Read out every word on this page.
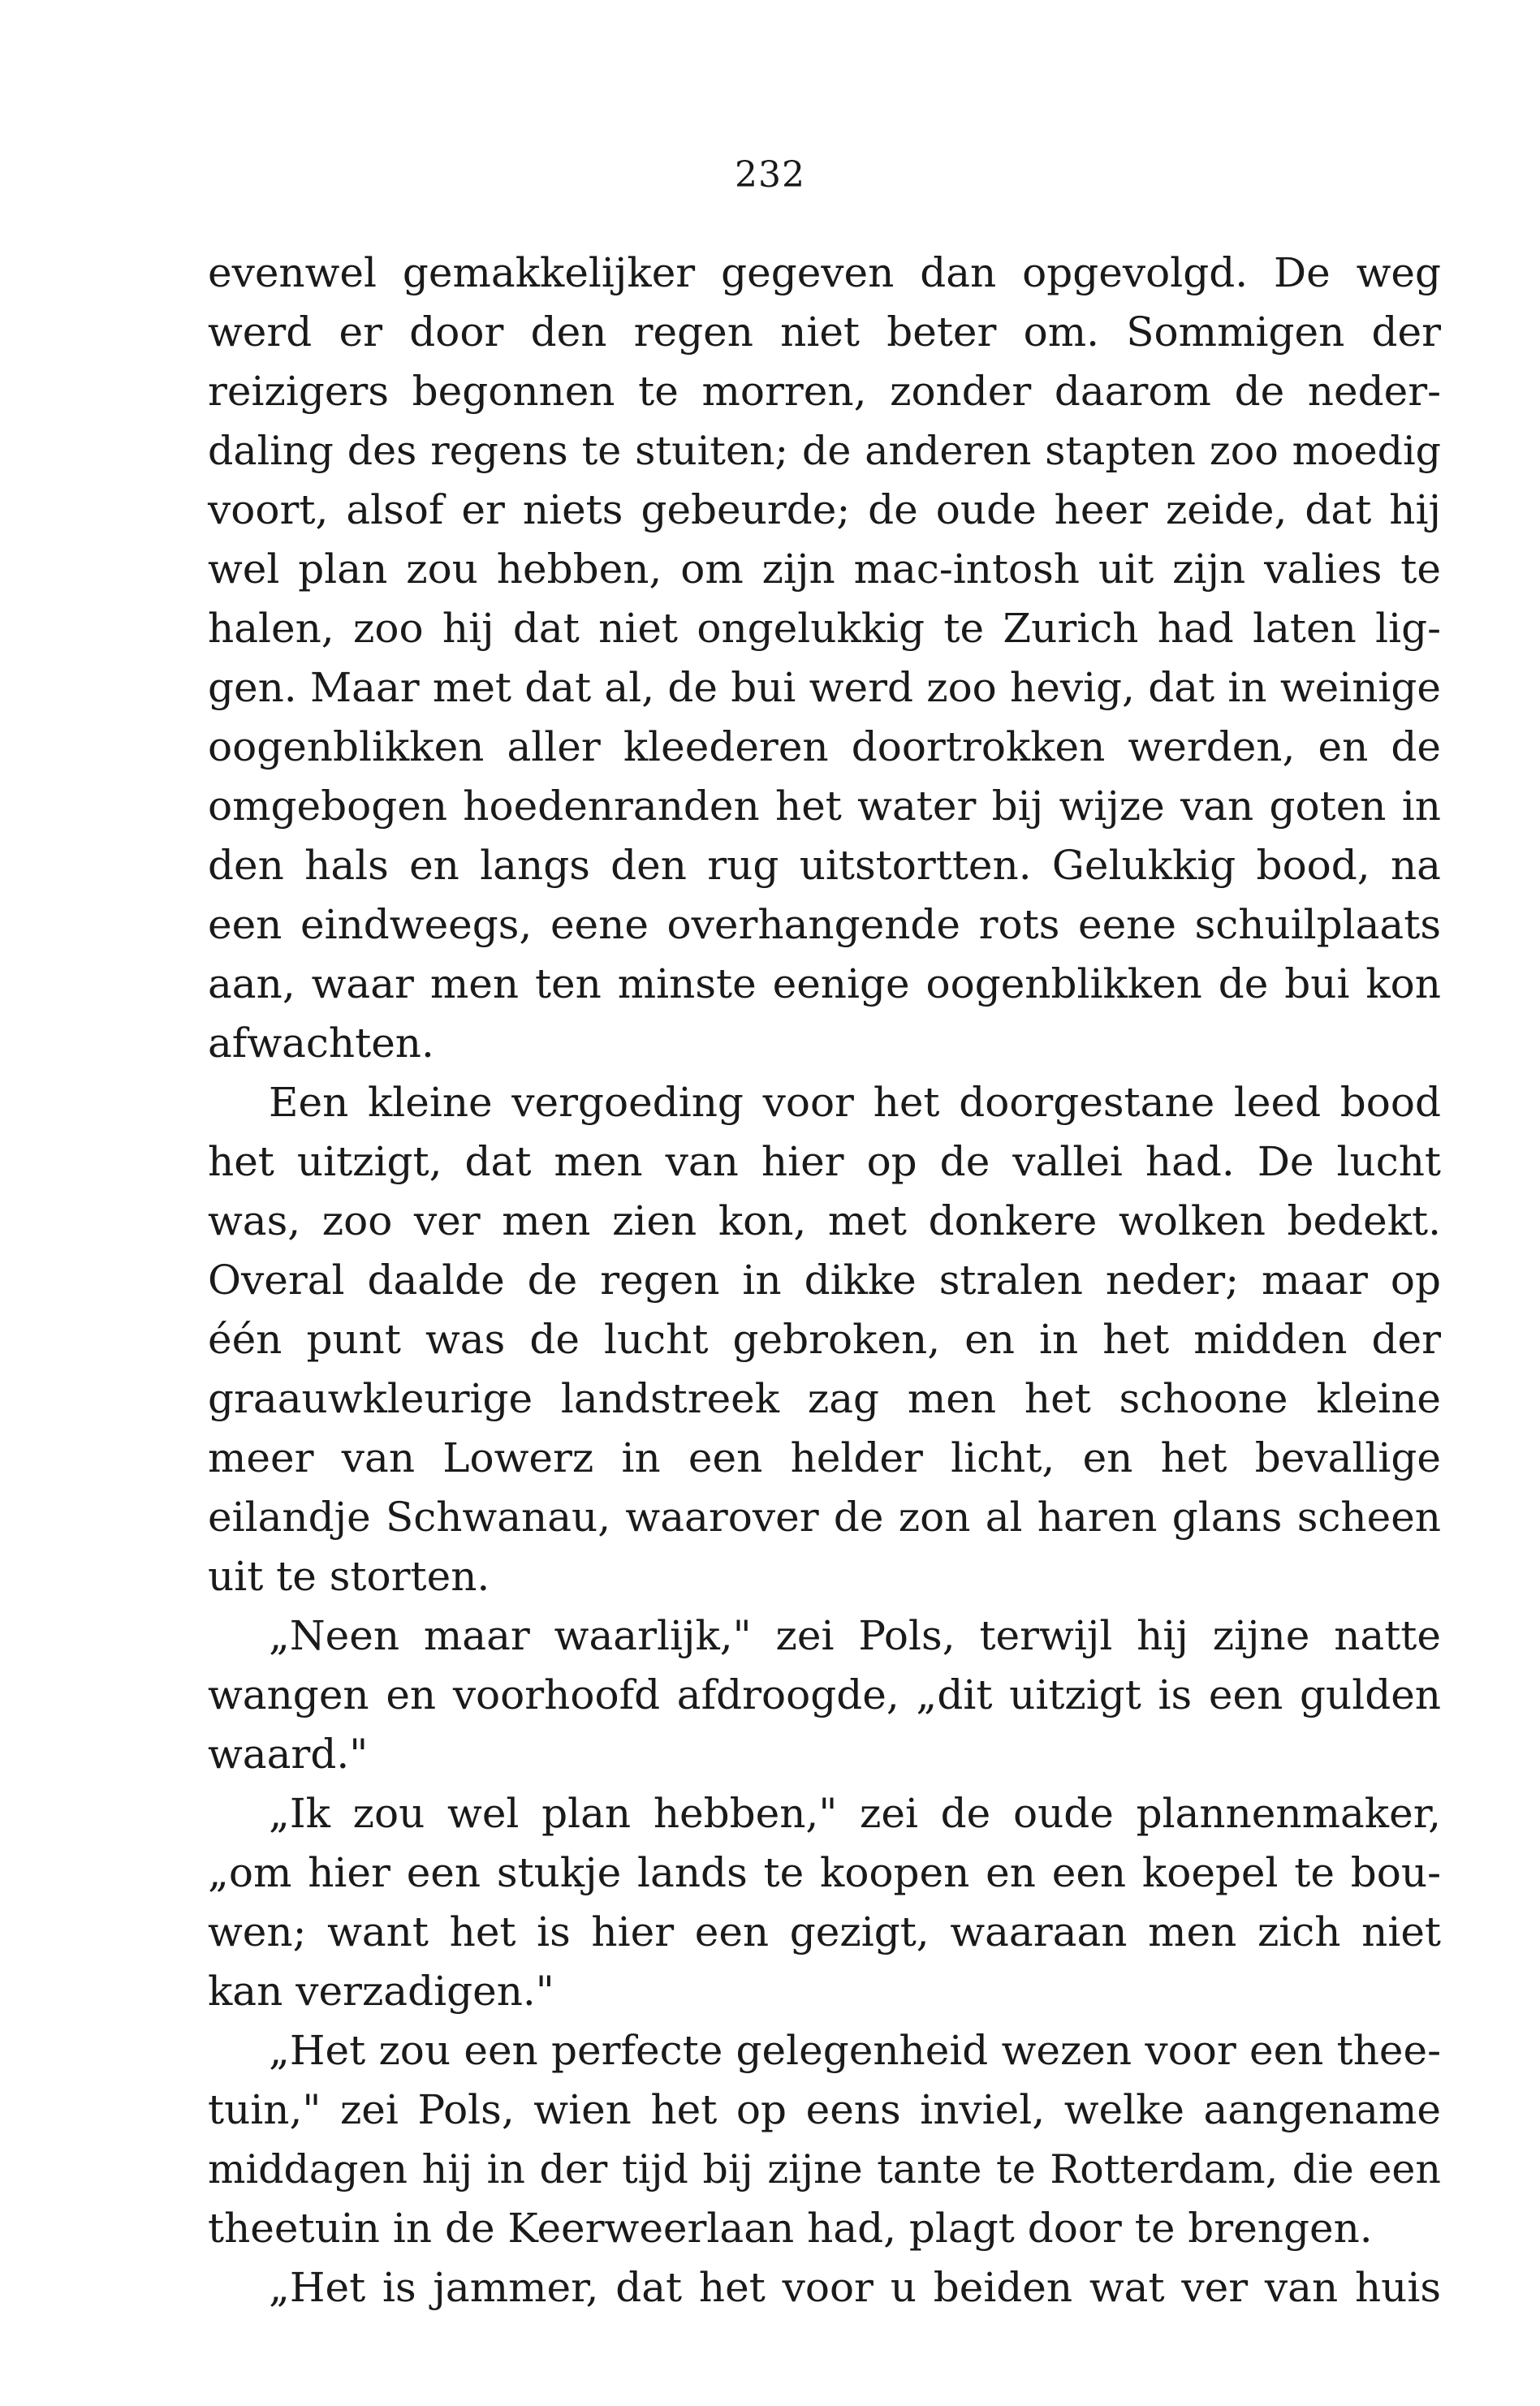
232
evenwel gemakkelijker gegeven dan opgevolgd. De weg
werd er door den regen niet beter om. Sommigen der
reizigers begonnen te morren, zonder daarom de neder-
daling des regens te stuiten; de anderen stapten zoo moedig
voort, alsof er niets gebeurde; de oude heer zeide, dat hij
wel plan zou hebben, om zijn mac-intosh uit zijn valies te
halen, zoo hij dat niet ongelukkig te Zurich had laten lig-
gen. Maar met dat al, de bui werd zoo hevig, dat in weinige
oogenblikken aller kleederen doortrokken werden, en de
omgebogen hoedenranden het water bij wijze van goten in
den hals en langs den rug uitstortten. Gelukkig bood, na
een eindweegs, eene overhangende rots eene schuilplaats
aan, waar men ten minste eenige oogenblikken de bui kon
afwachten.
Een kleine vergoeding voor het doorgestane leed bood
het uitzigt, dat men van hier op de vallei had. De lucht
was, zoo ver men zien kon, met donkere wolken bedekt.
Overal daalde de regen in dikke stralen neder; maar op
één punt was de lucht gebroken, en in het midden der
graauwkleurige landstreek zag men het schoone kleine
meer van Lowerz in een helder licht, en het bevallige
eilandje Schwanau, waarover de zon al haren glans scheen
uit te storten.
„Neen maar waarlijk," zei Pols, terwijl hij zijne natte
wangen en voorhoofd afdroogde, „dit uitzigt is een gulden
waard."
„Ik zou wel plan hebben," zei de oude plannenmaker,
„om hier een stukje lands te koopen en een koepel te bou-
wen; want het is hier een gezigt, waaraan men zich niet
kan verzadigen."
„Het zou een perfecte gelegenheid wezen voor een thee-
tuin," zei Pols, wien het op eens inviel, welke aangename
middagen hij in der tijd bij zijne tante te Rotterdam, die een
theetuin in de Keerweerlaan had, plagt door te brengen.
„Het is jammer, dat het voor u beiden wat ver van huis
